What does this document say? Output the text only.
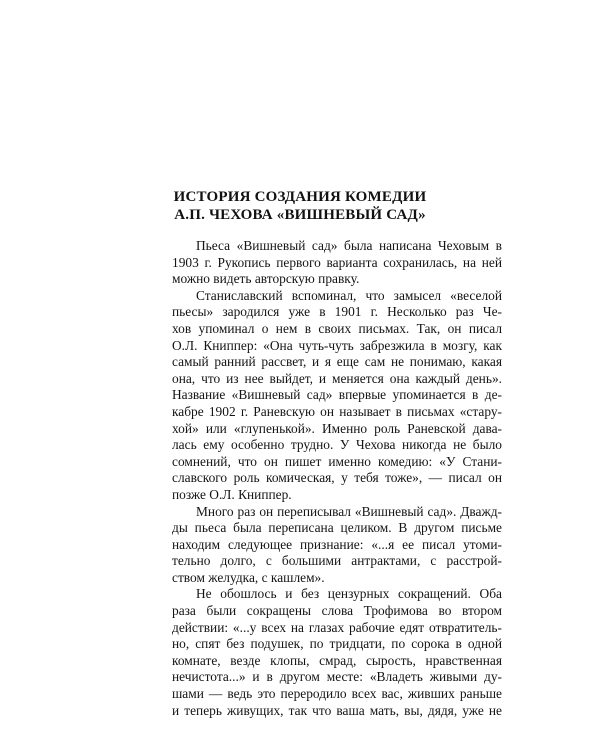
ИСТОРИЯ СОЗДАНИЯ КОМЕДИИ
А.П. ЧЕХОВА «ВИШНЕВЫЙ САД»
Пьеса «Вишневый сад» была написана Чеховым в
1903 г. Рукопись первого варианта сохранилась, на ней
можно видеть авторскую правку.
Станиславский вспоминал, что замысел «веселой
пьесы» зародился уже в 1901 г. Несколько раз Че-
хов упоминал о нем в своих письмах. Так, он писал
О.Л. Книппер: «Она чуть-чуть забрезжила в мозгу, как
самый ранний рассвет, и я еще сам не понимаю, какая
она, что из нее выйдет, и меняется она каждый день».
Название «Вишневый сад» впервые упоминается в де-
кабре 1902 г. Раневскую он называет в письмах «стару-
хой» или «глупенькой». Именно роль Раневской дава-
лась ему особенно трудно. У Чехова никогда не было
сомнений, что он пишет именно комедию: «У Стани-
славского роль комическая, у тебя тоже», — писал он
позже О.Л. Книппер.
Много раз он переписывал «Вишневый сад». Дважд-
ды пьеса была переписана целиком. В другом письме
находим следующее признание: «...я ее писал утоми-
тельно долго, с большими антрактами, с расстрой-
ством желудка, с кашлем».
Не обошлось и без цензурных сокращений. Оба
раза были сокращены слова Трофимова во втором
действии: «...у всех на глазах рабочие едят отвратитель-
но, спят без подушек, по тридцати, по сорока в одной
комнате, везде клопы, смрад, сырость, нравственная
нечистота...» и в другом месте: «Владеть живыми ду-
шами — ведь это переродило всех вас, живших раньше
и теперь живущих, так что ваша мать, вы, дядя, уже не
